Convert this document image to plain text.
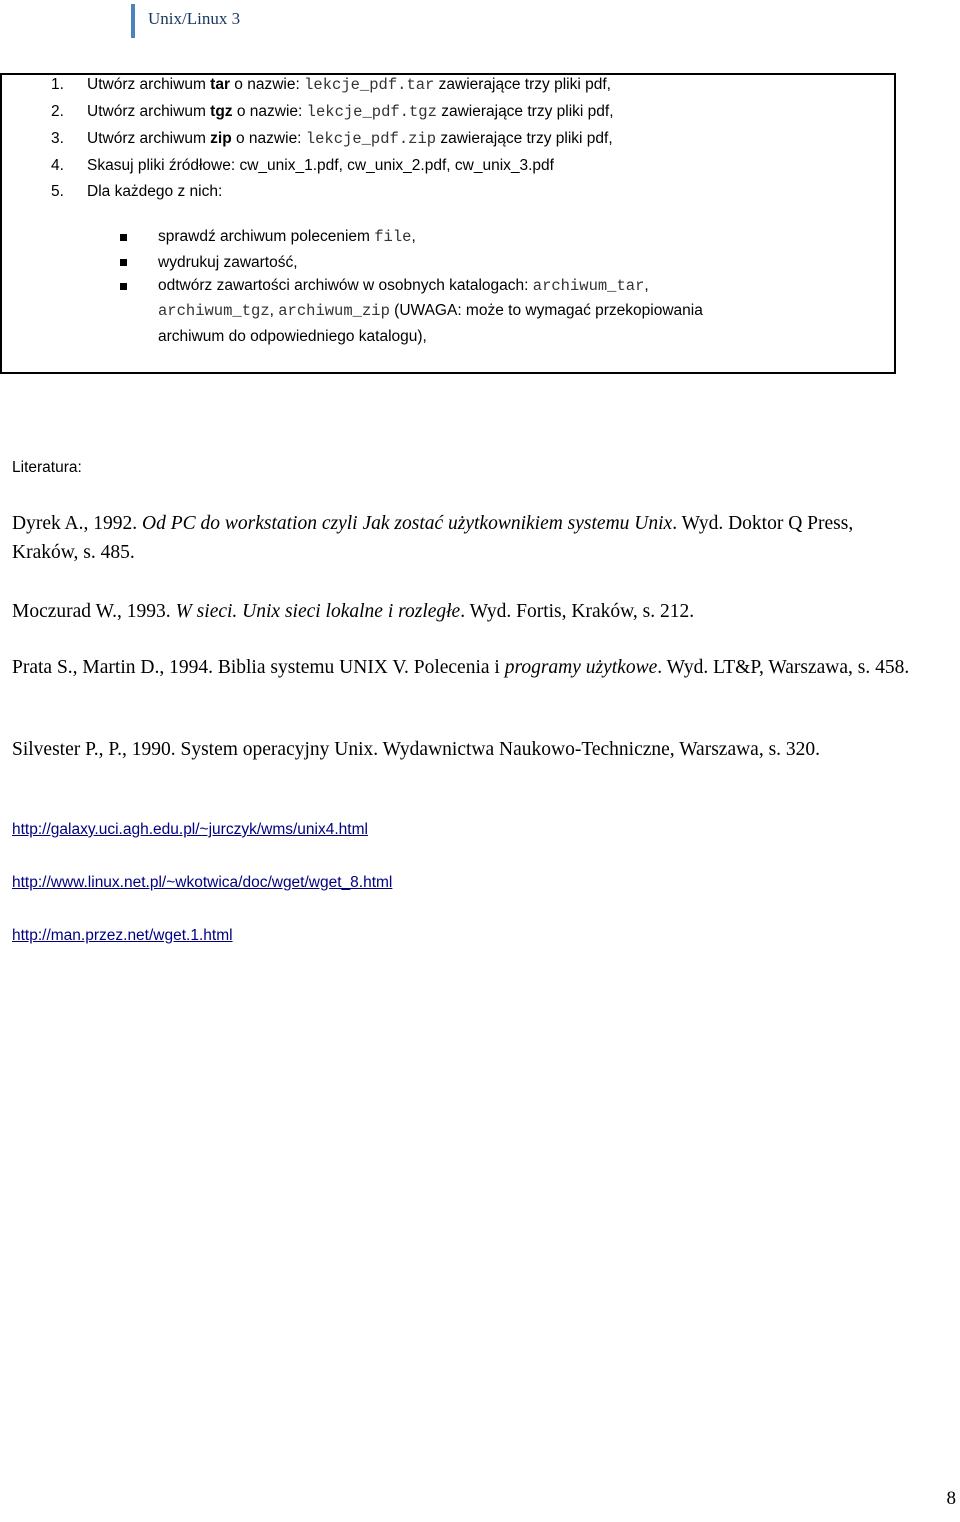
Unix/Linux 3
1. Utwórz archiwum tar o nazwie: lekcje_pdf.tar zawierające trzy pliki pdf,
2. Utwórz archiwum tgz o nazwie: lekcje_pdf.tgz zawierające trzy pliki pdf,
3. Utwórz archiwum zip o nazwie: lekcje_pdf.zip zawierające trzy pliki pdf,
4. Skasuj pliki źródłowe: cw_unix_1.pdf, cw_unix_2.pdf, cw_unix_3.pdf
5. Dla każdego z nich:
sprawdź archiwum poleceniem file,
wydrukuj zawartość,
odtwórz zawartości archiwów w osobnych katalogach: archiwum_tar,
archiwum_tgz, archiwum_zip (UWAGA: może to wymagać przekopiowania
archiwum do odpowiedniego katalogu),
Literatura:
Dyrek A., 1992. Od PC do workstation czyli Jak zostać użytkownikiem systemu Unix. Wyd. Doktor Q Press, Kraków, s. 485.
Moczurad W., 1993. W sieci. Unix sieci lokalne i rozległe. Wyd. Fortis, Kraków, s. 212.
Prata S., Martin D., 1994. Biblia systemu UNIX V. Polecenia i programy użytkowe. Wyd. LT&P, Warszawa, s. 458.
Silvester P., P., 1990. System operacyjny Unix. Wydawnictwa Naukowo-Techniczne, Warszawa, s. 320.
http://galaxy.uci.agh.edu.pl/~jurczyk/wms/unix4.html
http://www.linux.net.pl/~wkotwica/doc/wget/wget_8.html
http://man.przez.net/wget.1.html
8
